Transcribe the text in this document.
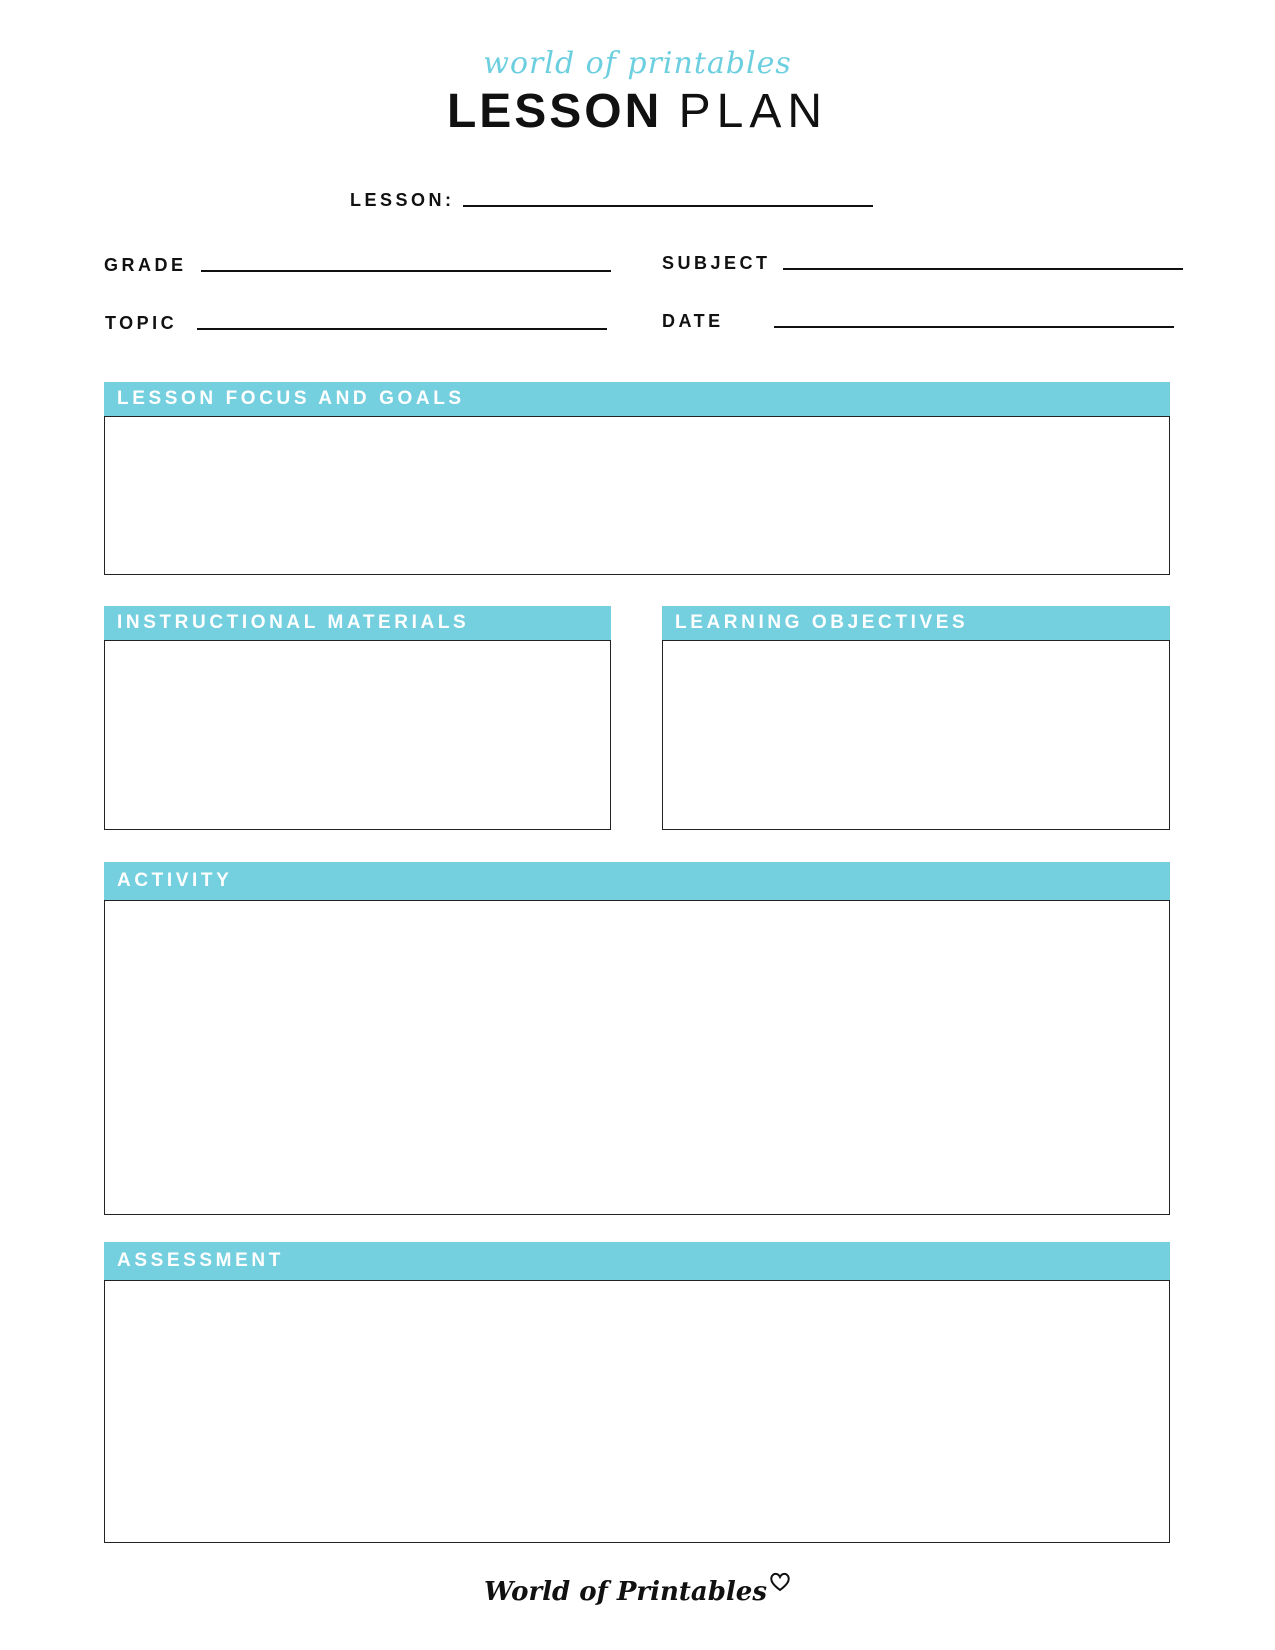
world of printables
LESSON PLAN
LESSON:
GRADE	SUBJECT
TOPIC	DATE
LESSON FOCUS AND GOALS
INSTRUCTIONAL MATERIALS	LEARNING OBJECTIVES
ACTIVITY
ASSESSMENT
World of Printables
